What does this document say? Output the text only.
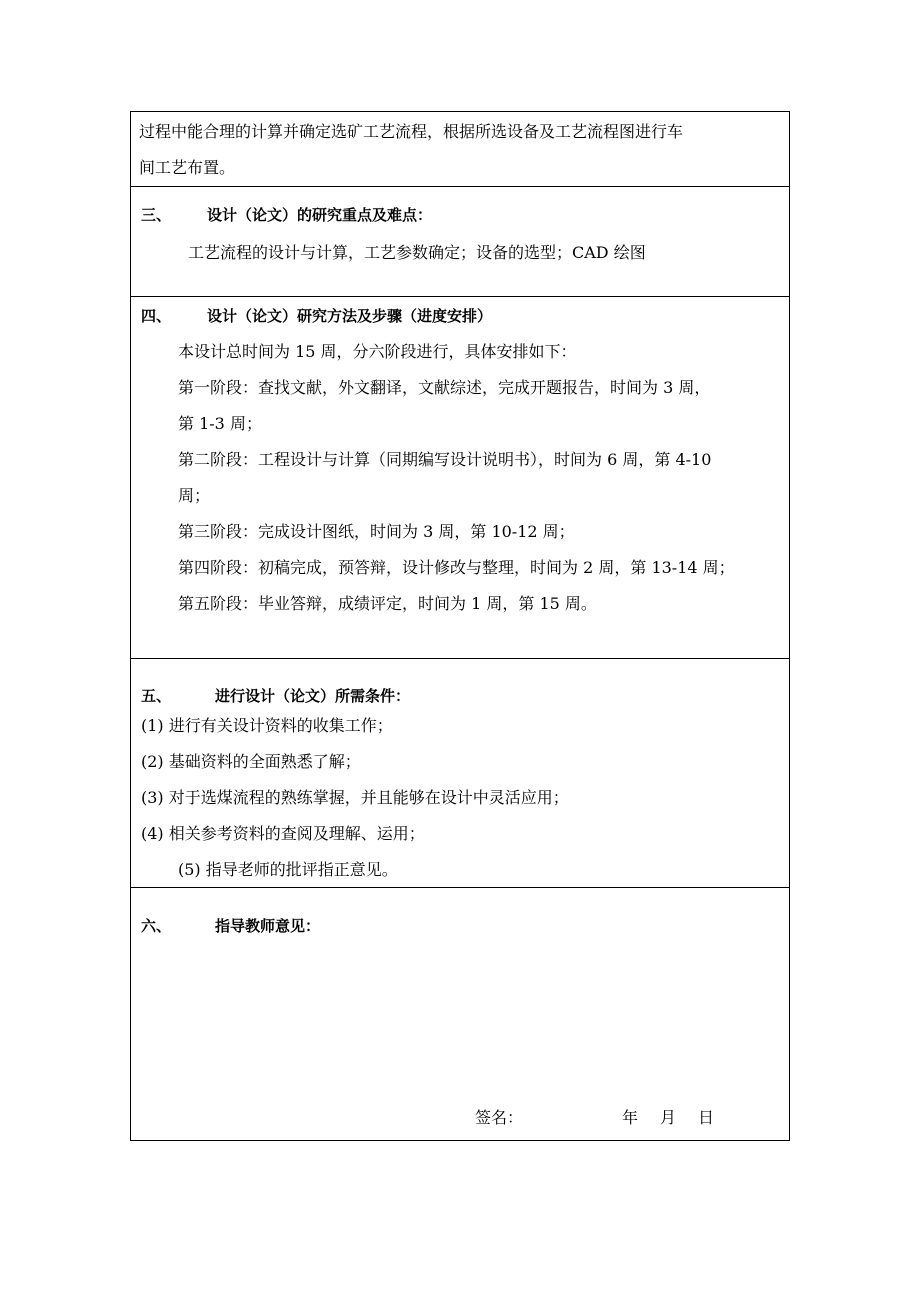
过程中能合理的计算并确定选矿工艺流程，根据所选设备及工艺流程图进行车
间工艺布置。
三、 设计（论文）的研究重点及难点：
工艺流程的设计与计算，工艺参数确定；设备的选型；CAD 绘图
四、 设计（论文）研究方法及步骤（进度安排）
本设计总时间为 15 周，分六阶段进行，具体安排如下：
第一阶段：查找文献，外文翻译，文献综述，完成开题报告，时间为 3 周，
第 1-3 周；
第二阶段：工程设计与计算（同期编写设计说明书），时间为 6 周，第 4-10
周；
第三阶段：完成设计图纸，时间为 3 周，第 10-12 周；
第四阶段：初稿完成，预答辩，设计修改与整理，时间为 2 周，第 13-14 周；
第五阶段：毕业答辩，成绩评定，时间为 1 周，第 15 周。
五、	进行设计（论文）所需条件：
(1) 进行有关设计资料的收集工作；
(2) 基础资料的全面熟悉了解；
(3) 对于选煤流程的熟练掌握，并且能够在设计中灵活应用；
(4) 相关参考资料的查阅及理解、运用；
(5) 指导老师的批评指正意见。
六、	指导教师意见：
签名：	年 月 日
